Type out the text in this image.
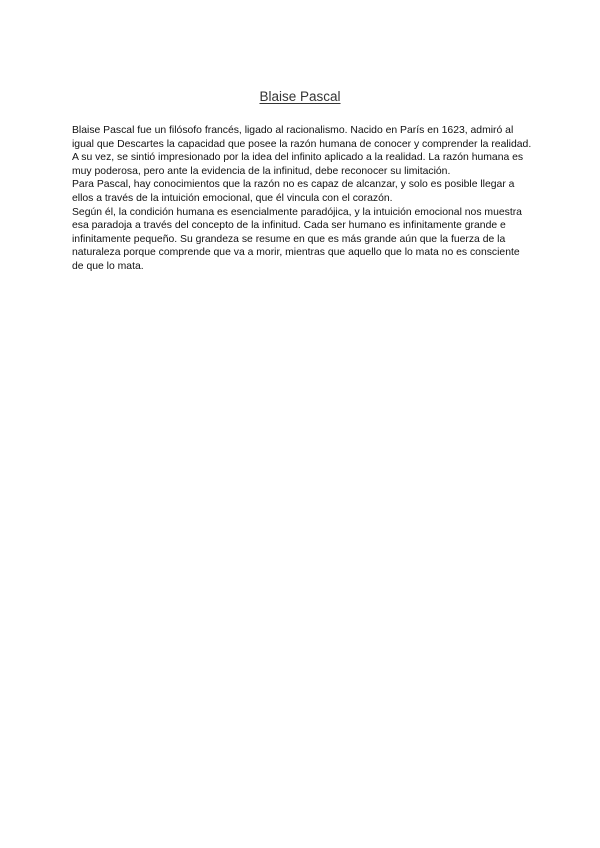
Blaise Pascal

Blaise Pascal fue un filósofo francés, ligado al racionalismo. Nacido en París en 1623, admiró al igual que Descartes la capacidad que posee la razón humana de conocer y comprender la realidad.

A su vez, se sintió impresionado por la idea del infinito aplicado a la realidad. La razón humana es muy poderosa, pero ante la evidencia de la infinitud, debe reconocer su limitación.

Para Pascal, hay conocimientos que la razón no es capaz de alcanzar, y solo es posible llegar a ellos a través de la intuición emocional, que él vincula con el corazón.

Según él, la condición humana es esencialmente paradójica, y la intuición emocional nos muestra esa paradoja a través del concepto de la infinitud. Cada ser humano es infinitamente grande e infinitamente pequeño. Su grandeza se resume en que es más grande aún que la fuerza de la naturaleza porque comprende que va a morir, mientras que aquello que lo mata no es consciente de que lo mata.
